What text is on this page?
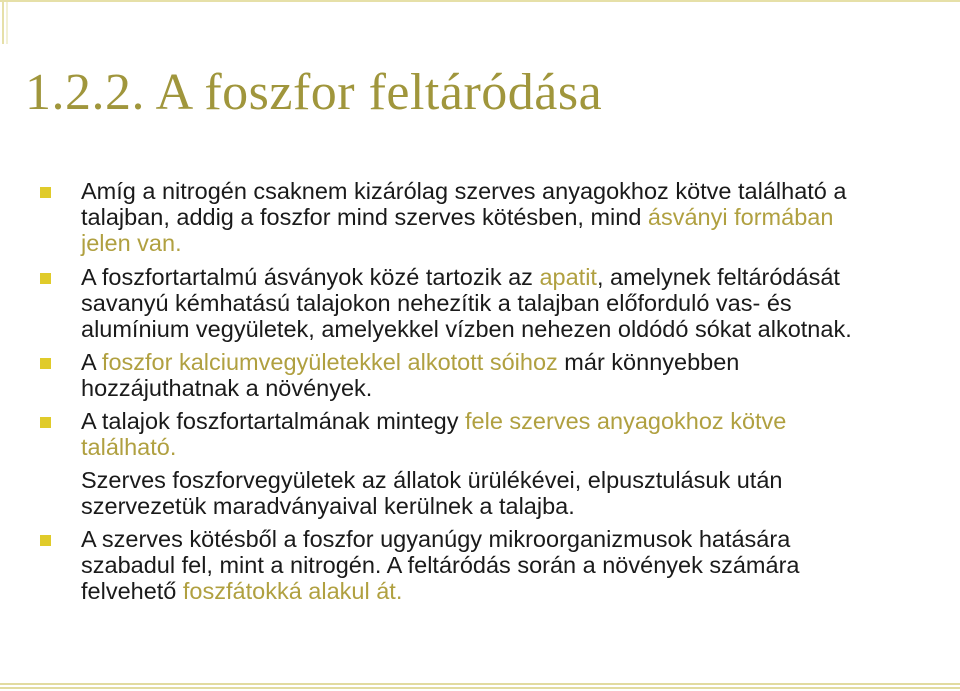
1.2.2. A foszfor feltáródása
Amíg a nitrogén csaknem kizárólag szerves anyagokhoz kötve található a talajban, addig a foszfor mind szerves kötésben, mind ásványi formában jelen van.
A foszfortartalmú ásványok közé tartozik az apatit, amelynek feltáródását savanyú kémhatású talajokon nehezítik a talajban előforduló vas- és alumínium vegyületek, amelyekkel vízben nehezen oldódó sókat alkotnak.
A foszfor kalciumvegyületekkel alkotott sóihoz már könnyebben hozzájuthatnak a növények.
A talajok foszfortartalmának mintegy fele szerves anyagokhoz kötve található.
Szerves foszforvegyületek az állatok ürülékévei, elpusztulásuk után szervezetük maradványaival kerülnek a talajba.
A szerves kötésből a foszfor ugyanúgy mikroorganizmusok hatására szabadul fel, mint a nitrogén. A feltáródás során a növények számára felvehető foszfátokká alakul át.
